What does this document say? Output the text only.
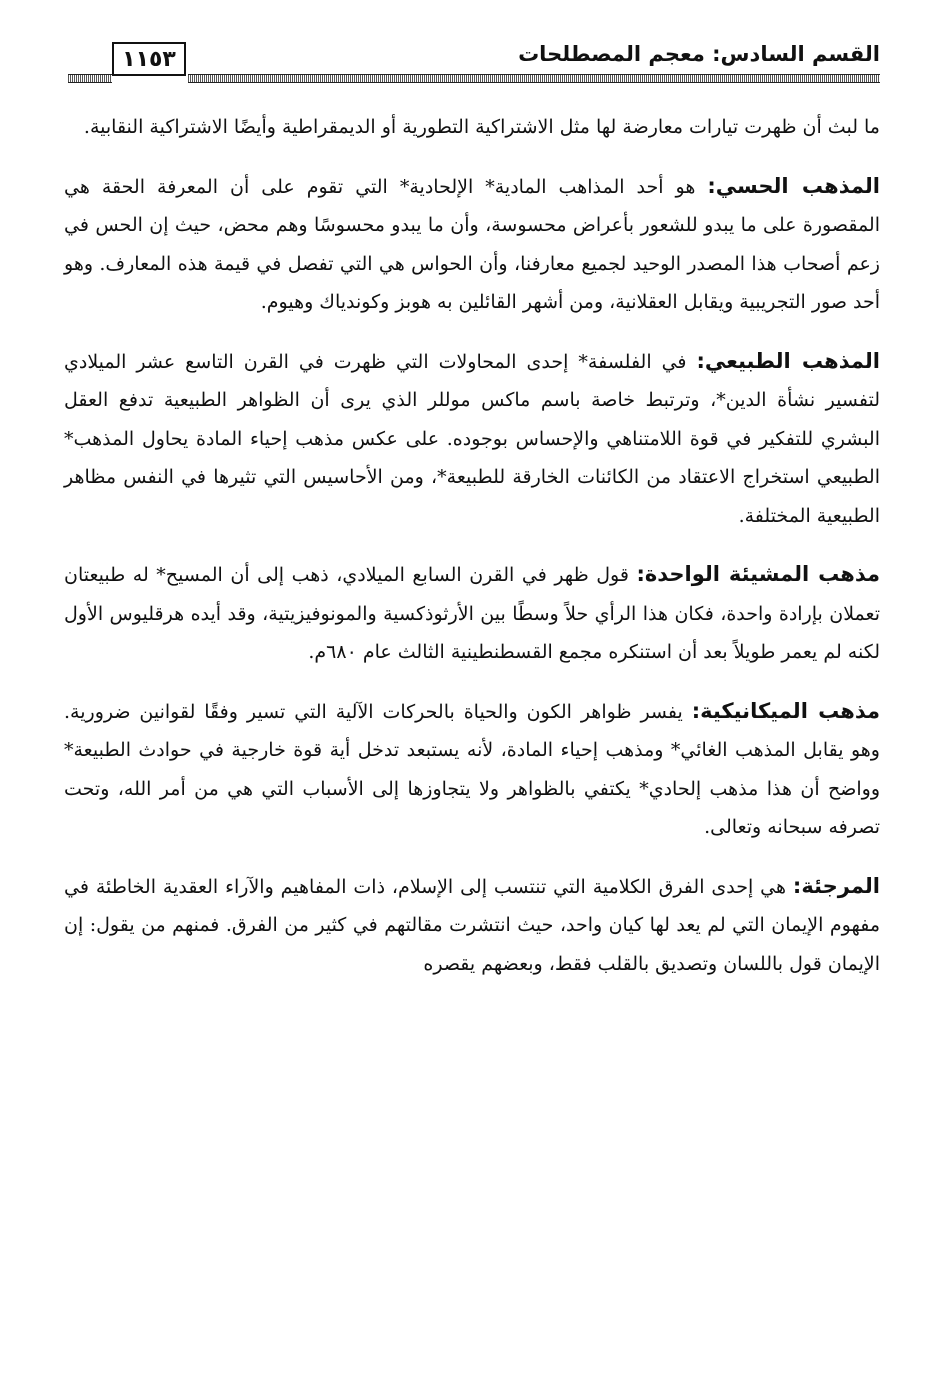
القسم السادس: معجم المصطلحات
١١٥٣

ما لبث أن ظهرت تيارات معارضة لها مثل الاشتراكية التطورية أو الديمقراطية وأيضًا الاشتراكية النقابية.

المذهب الحسي: هو أحد المذاهب المادية* الإلحادية* التي تقوم على أن المعرفة الحقة هي المقصورة على ما يبدو للشعور بأعراض محسوسة، وأن ما يبدو محسوسًا وهم محض، حيث إن الحس في زعم أصحاب هذا المصدر الوحيد لجميع معارفنا، وأن الحواس هي التي تفصل في قيمة هذه المعارف. وهو أحد صور التجريبية ويقابل العقلانية، ومن أشهر القائلين به هوبز وكوندياك وهيوم.

المذهب الطبيعي: في الفلسفة* إحدى المحاولات التي ظهرت في القرن التاسع عشر الميلادي لتفسير نشأة الدين*، وترتبط خاصة باسم ماكس موللر الذي يرى أن الظواهر الطبيعية تدفع العقل البشري للتفكير في قوة اللامتناهي والإحساس بوجوده. على عكس مذهب إحياء المادة يحاول المذهب* الطبيعي استخراج الاعتقاد من الكائنات الخارقة للطبيعة*، ومن الأحاسيس التي تثيرها في النفس مظاهر الطبيعية المختلفة.

مذهب المشيئة الواحدة: قول ظهر في القرن السابع الميلادي، ذهب إلى أن المسيح* له طبيعتان تعملان بإرادة واحدة، فكان هذا الرأي حلاً وسطًا بين الأرثوذكسية والمونوفيزيتية، وقد أيده هرقليوس الأول لكنه لم يعمر طويلاً بعد أن استنكره مجمع القسطنطينية الثالث عام ٦٨٠م.

مذهب الميكانيكية: يفسر ظواهر الكون والحياة بالحركات الآلية التي تسير وفقًا لقوانين ضرورية. وهو يقابل المذهب الغائي* ومذهب إحياء المادة، لأنه يستبعد تدخل أية قوة خارجية في حوادث الطبيعة* وواضح أن هذا مذهب إلحادي* يكتفي بالظواهر ولا يتجاوزها إلى الأسباب التي هي من أمر الله، وتحت تصرفه سبحانه وتعالى.

المرجئة: هي إحدى الفرق الكلامية التي تنتسب إلى الإسلام، ذات المفاهيم والآراء العقدية الخاطئة في مفهوم الإيمان التي لم يعد لها كيان واحد، حيث انتشرت مقالتهم في كثير من الفرق. فمنهم من يقول: إن الإيمان قول باللسان وتصديق بالقلب فقط، وبعضهم يقصره
